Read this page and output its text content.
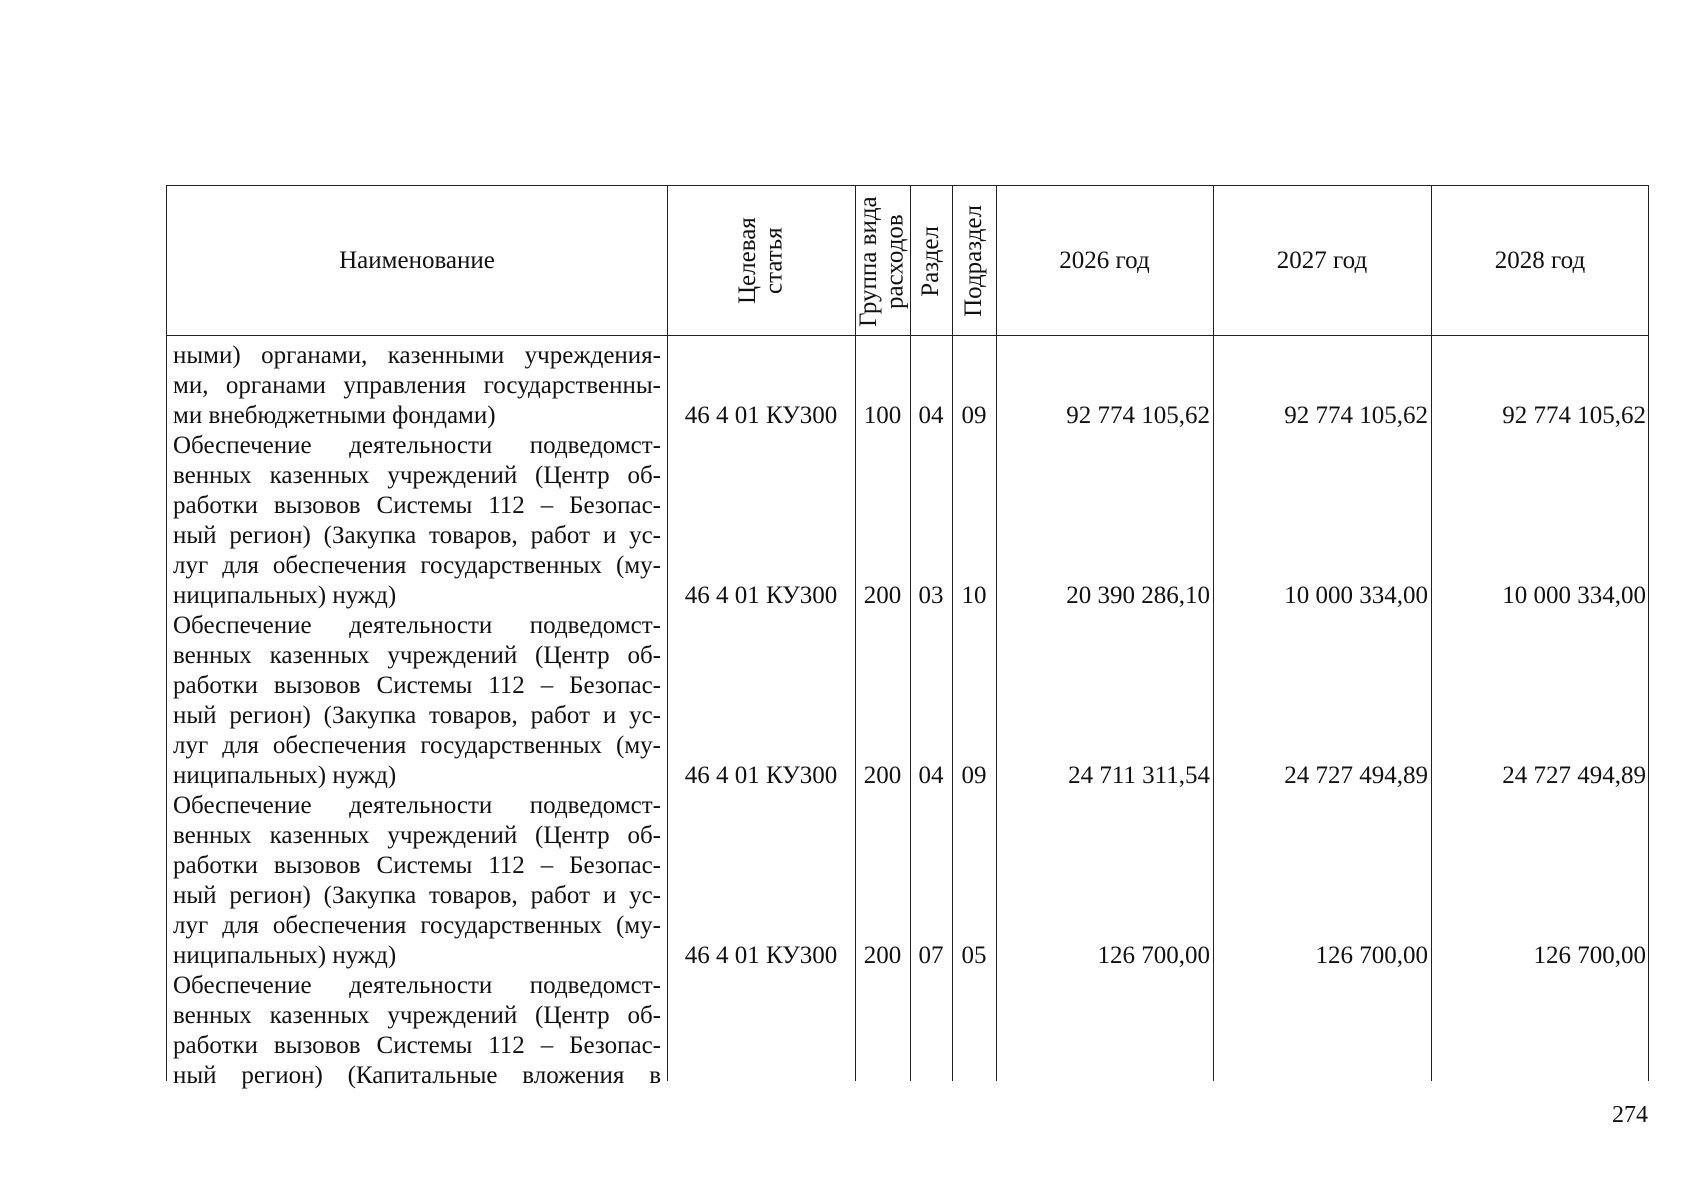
Наименование	Целевая статья	Группа вида расходов Раздел Подраздел	2026 год	2027 год	2028 год
ными) органами, казенными учреждения-
ми, органами управления государственны-
ми внебюджетными фондами)	46 4 01 КУ300	100 04 09	92 774 105,62	92 774 105,62	92 774 105,62
Обеспечение деятельности подведомст-
венных казенных учреждений (Центр об-
работки вызовов Системы 112 – Безопас-
ный регион) (Закупка товаров, работ и ус-
луг для обеспечения государственных (му-
ниципальных) нужд)	46 4 01 КУ300	200 03 10	20 390 286,10	10 000 334,00	10 000 334,00
Обеспечение деятельности подведомст-
венных казенных учреждений (Центр об-
работки вызовов Системы 112 – Безопас-
ный регион) (Закупка товаров, работ и ус-
луг для обеспечения государственных (му-
ниципальных) нужд)	46 4 01 КУ300	200 04 09	24 711 311,54	24 727 494,89	24 727 494,89
Обеспечение деятельности подведомст-
венных казенных учреждений (Центр об-
работки вызовов Системы 112 – Безопас-
ный регион) (Закупка товаров, работ и ус-
луг для обеспечения государственных (му-
ниципальных) нужд)	46 4 01 КУ300	200 07 05	126 700,00	126 700,00	126 700,00
Обеспечение деятельности подведомст-
венных казенных учреждений (Центр об-
работки вызовов Системы 112 – Безопас-
ный регион) (Капитальные вложения в
274
